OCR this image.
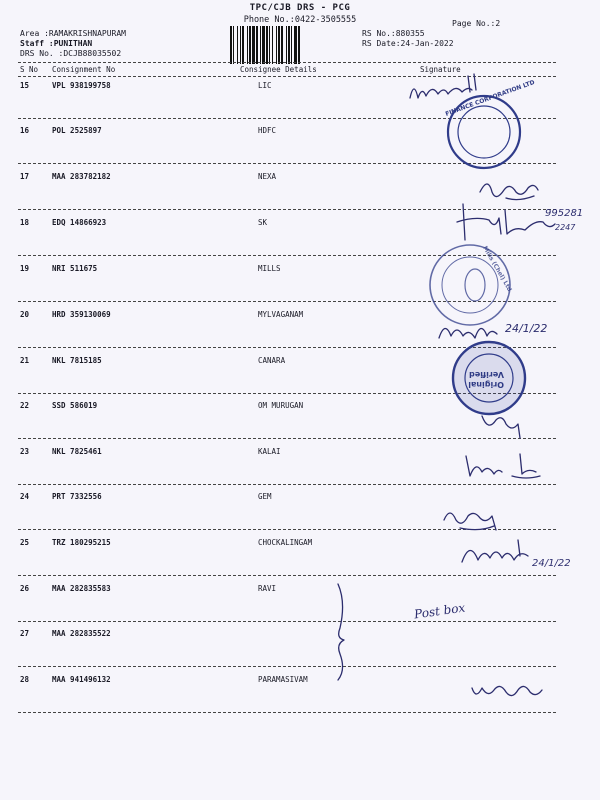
TPC/CJB DRS - PCG
Phone No.:0422-3505555
Area :RAMAKRISHNAPURAM
Staff :PUNITHAN
DRS No. :DCJB88035502
RS No.:880355
RS Date:24-Jan-2022
Page No.:2
S No Consignment No	Consignee Details	Signature
15	VPL 938199758	LIC
16	POL 2525897	HDFC
17	MAA 283782182	NEXA
18	EDQ 14866923	SK
19	NRI 511675	MILLS
20	HRD 359130069	MYLVAGANAM
21	NKL 7815185	CANARA
22	SSD 586019	OM MURUGAN
23	NKL 7825461	KALAI
24	PRT 7332556	GEM
25	TRZ 180295215	CHOCKALINGAM
26	MAA 282835583	RAVI
27	MAA 282835522
28	MAA 941496132	PARAMASIVAM
FINANCE CORPORATION LTD
Mills (Chel) Ltd
Original
Verified
995281
2247
24/1/22
24/1/22
Post box
